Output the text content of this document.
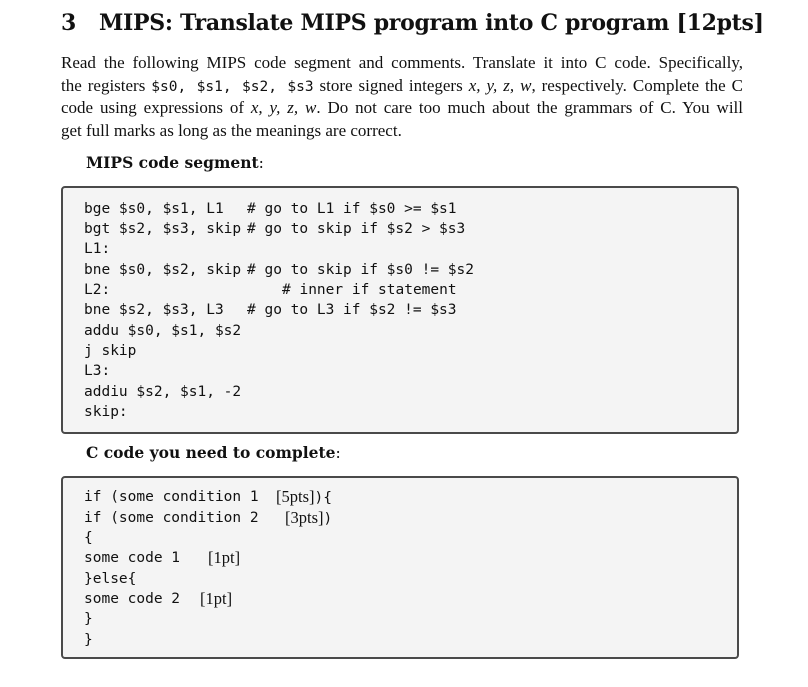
3 MIPS: Translate MIPS program into C program [12pts]
Read the following MIPS code segment and comments. Translate it into C code. Specifically,
the registers $s0, $s1, $s2, $s3 store signed integers x, y, z, w, respectively. Complete the C
code using expressions of x, y, z, w. Do not care too much about the grammars of C. You will
get full marks as long as the meanings are correct.
MIPS code segment:
bge $s0, $s1, L1 # go to L1 if $s0 >= $s1
bgt $s2, $s3, skip # go to skip if $s2 > $s3
L1:
bne $s0, $s2, skip # go to skip if $s0 != $s2
L2:	# inner if statement
bne $s2, $s3, L3 # go to L3 if $s2 != $s3
addu $s0, $s1, $s2
j skip
L3:
addiu $s2, $s1, -2
skip:
C code you need to complete:
if (some condition 1 [5pts]){
if (some condition 2 [3pts])
{
some code 1 [1pt]
}else{
some code 2 [1pt]
}
}
